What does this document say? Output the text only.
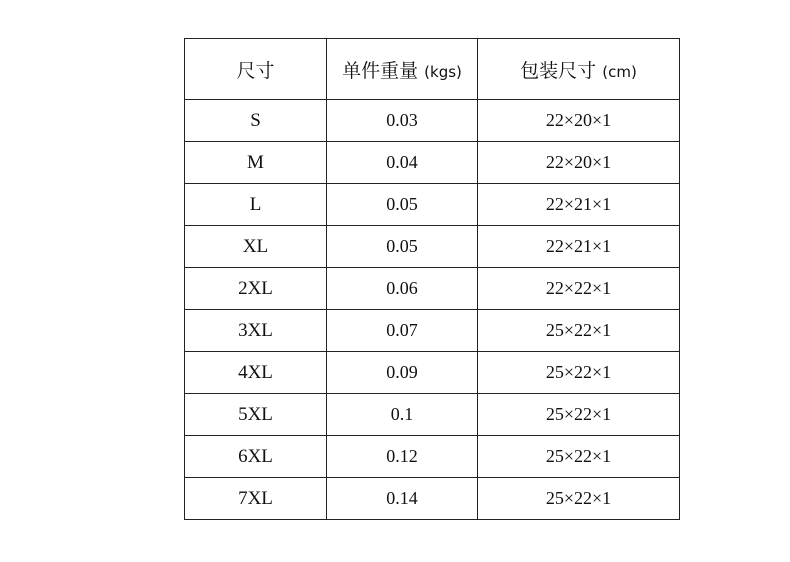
尺寸	单件重量 (kgs)	包装尺寸 (cm)
S	0.03	22×20×1
M	0.04	22×20×1
L	0.05	22×21×1
XL	0.05	22×21×1
2XL	0.06	22×22×1
3XL	0.07	25×22×1
4XL	0.09	25×22×1
5XL	0.1	25×22×1
6XL	0.12	25×22×1
7XL	0.14	25×22×1
